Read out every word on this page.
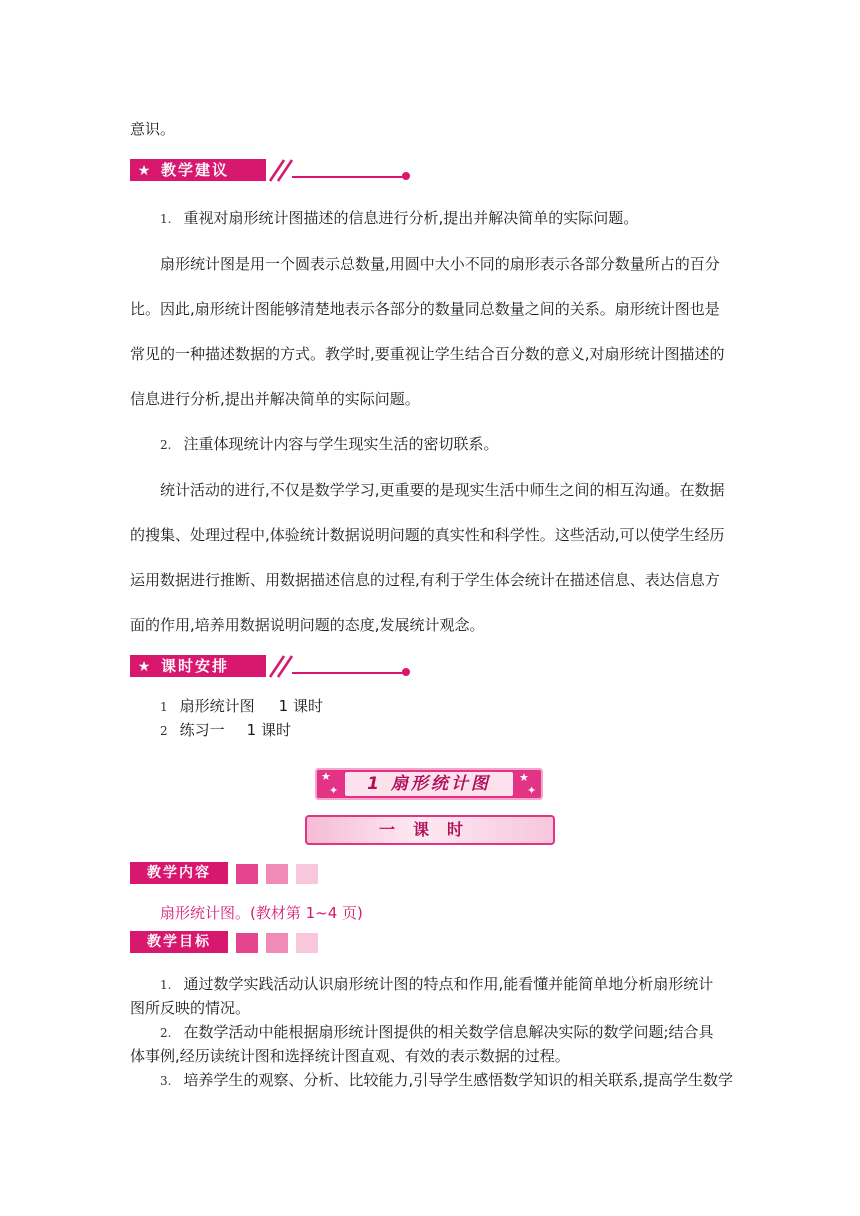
意识。

★ 教学建议

1. 重视对扇形统计图描述的信息进行分析,提出并解决简单的实际问题。

扇形统计图是用一个圆表示总数量,用圆中大小不同的扇形表示各部分数量所占的百分

比。因此,扇形统计图能够清楚地表示各部分的数量同总数量之间的关系。扇形统计图也是

常见的一种描述数据的方式。教学时,要重视让学生结合百分数的意义,对扇形统计图描述的

信息进行分析,提出并解决简单的实际问题。

2. 注重体现统计内容与学生现实生活的密切联系。

统计活动的进行,不仅是数学学习,更重要的是现实生活中师生之间的相互沟通。在数据

的搜集、处理过程中,体验统计数据说明问题的真实性和科学性。这些活动,可以使学生经历

运用数据进行推断、用数据描述信息的过程,有利于学生体会统计在描述信息、表达信息方

面的作用,培养用数据说明问题的态度,发展统计观念。

★ 课时安排

1 扇形统计图 1 课时

2 练习一 1 课时

★
✦	1 扇形统计图	★
✦
一课时
教学内容

扇形统计图。(教材第 1~4 页)

教学目标

1. 通过数学实践活动认识扇形统计图的特点和作用,能看懂并能简单地分析扇形统计

图所反映的情况。

2. 在数学活动中能根据扇形统计图提供的相关数学信息解决实际的数学问题;结合具

体事例,经历读统计图和选择统计图直观、有效的表示数据的过程。

3. 培养学生的观察、分析、比较能力,引导学生感悟数学知识的相关联系,提高学生数学
